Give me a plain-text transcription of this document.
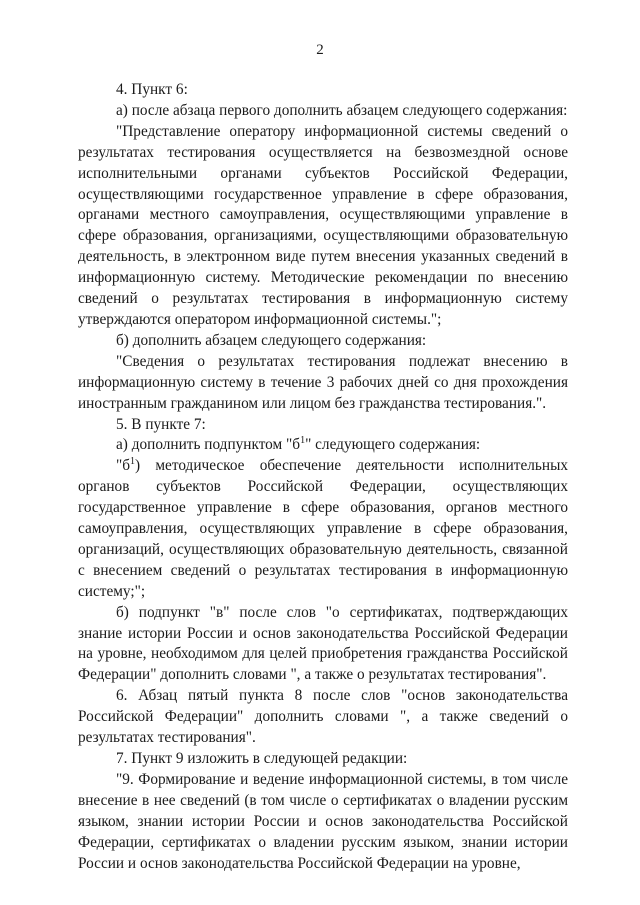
2

4. Пункт 6:

а) после абзаца первого дополнить абзацем следующего содержания:

"Представление оператору информационной системы сведений о результатах тестирования осуществляется на безвозмездной основе исполнительными органами субъектов Российской Федерации, осуществляющими государственное управление в сфере образования, органами местного самоуправления, осуществляющими управление в сфере образования, организациями, осуществляющими образовательную деятельность, в электронном виде путем внесения указанных сведений в информационную систему. Методические рекомендации по внесению сведений о результатах тестирования в информационную систему утверждаются оператором информационной системы.";

б) дополнить абзацем следующего содержания:

"Сведения о результатах тестирования подлежат внесению в информационную систему в течение 3 рабочих дней со дня прохождения иностранным гражданином или лицом без гражданства тестирования.".

5. В пункте 7:

а) дополнить подпунктом "$б^1$" следующего содержания:

"$б^1$) методическое обеспечение деятельности исполнительных органов субъектов Российской Федерации, осуществляющих государственное управление в сфере образования, органов местного самоуправления, осуществляющих управление в сфере образования, организаций, осуществляющих образовательную деятельность, связанной с внесением сведений о результатах тестирования в информационную систему;";

б) подпункт "в" после слов "о сертификатах, подтверждающих знание истории России и основ законодательства Российской Федерации на уровне, необходимом для целей приобретения гражданства Российской Федерации" дополнить словами ", а также о результатах тестирования".

6. Абзац пятый пункта 8 после слов "основ законодательства Российской Федерации" дополнить словами ", а также сведений о результатах тестирования".

7. Пункт 9 изложить в следующей редакции:

"9. Формирование и ведение информационной системы, в том числе внесение в нее сведений (в том числе о сертификатах о владении русским языком, знании истории России и основ законодательства Российской Федерации, сертификатах о владении русским языком, знании истории России и основ законодательства Российской Федерации на уровне,
